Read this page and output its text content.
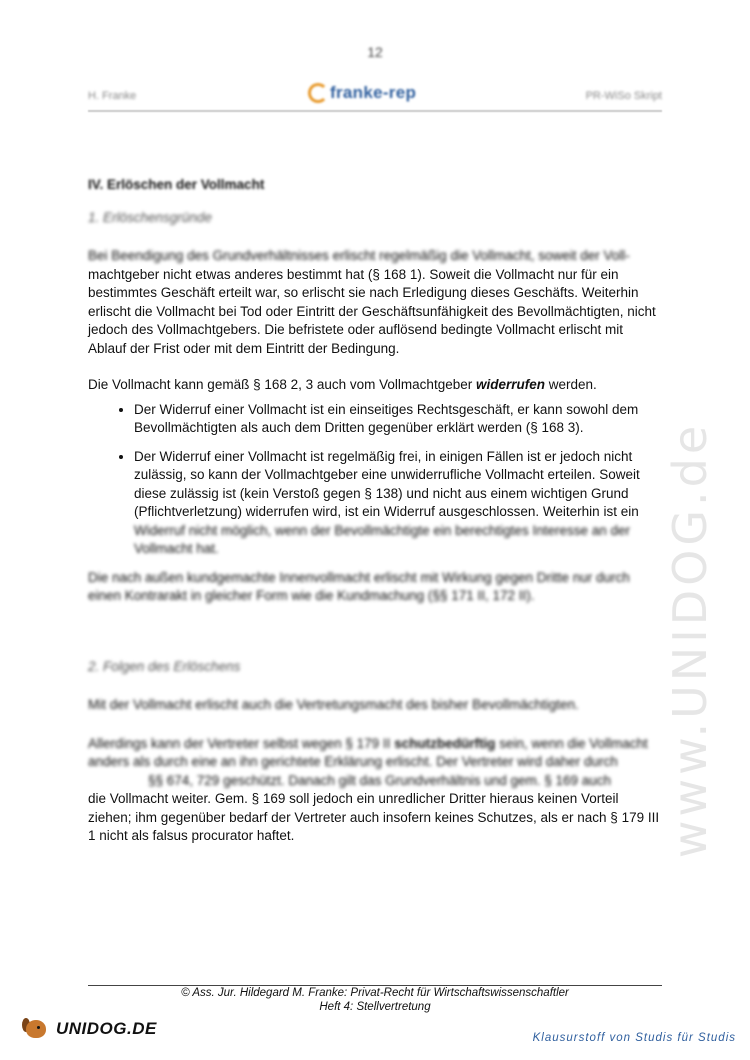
12
H. Franke	franke-rep	PR-WiSo Skript
www.UNIDOG.de
IV. Erlöschen der Vollmacht

1. Erlöschensgründe

Bei Beendigung des Grundverhältnisses erlischt regelmäßig die Vollmacht, soweit der Voll-
machtgeber nicht etwas anderes bestimmt hat (§ 168 1). Soweit die Vollmacht nur für ein bestimmtes Geschäft erteilt war, so erlischt sie nach Erledigung dieses Geschäfts. Weiterhin erlischt die Vollmacht bei Tod oder Eintritt der Geschäftsunfähigkeit des Bevollmächtigten, nicht jedoch des Vollmachtgebers. Die befristete oder auflösend bedingte Vollmacht erlischt mit Ablauf der Frist oder mit dem Eintritt der Bedingung.

Die Vollmacht kann gemäß § 168 2, 3 auch vom Vollmachtgeber widerrufen werden.

• Der Widerruf einer Vollmacht ist ein einseitiges Rechtsgeschäft, er kann sowohl dem Bevollmächtigten als auch dem Dritten gegenüber erklärt werden (§ 168 3).
• Der Widerruf einer Vollmacht ist regelmäßig frei, in einigen Fällen ist er jedoch nicht zulässig, so kann der Vollmachtgeber eine unwiderrufliche Vollmacht erteilen. Soweit diese zulässig ist (kein Verstoß gegen § 138) und nicht aus einem wichtigen Grund (Pflichtverletzung) widerrufen wird, ist ein Widerruf ausgeschlossen. Weiterhin ist ein Widerruf nicht möglich, wenn der Bevollmächtigte ein berechtigtes Interesse an der Vollmacht hat.

Die nach außen kundgemachte Innenvollmacht erlischt mit Wirkung gegen Dritte nur durch einen Kontrarakt in gleicher Form wie die Kundmachung (§§ 171 II, 172 II).

2. Folgen des Erlöschens

Mit der Vollmacht erlischt auch die Vertretungsmacht des bisher Bevollmächtigten.

Allerdings kann der Vertreter selbst wegen § 179 II schutzbedürftig sein, wenn die Vollmacht anders als durch eine an ihn gerichtete Erklärung erlischt. Der Vertreter wird daher durch§§ 674, 729 geschützt. Danach gilt das Grundverhältnis und gem. § 169 auch
die Vollmacht weiter. Gem. § 169 soll jedoch ein unredlicher Dritter hieraus keinen Vorteil ziehen; ihm gegenüber bedarf der Vertreter auch insofern keines Schutzes, als er nach § 179 III 1 nicht als falsus procurator haftet.

© Ass. Jur. Hildegard M. Franke: Privat-Recht für Wirtschaftswissenschaftler
Heft 4: Stellvertretung
UNIDOG.DE	Klausurstoff von Studis für Studis
